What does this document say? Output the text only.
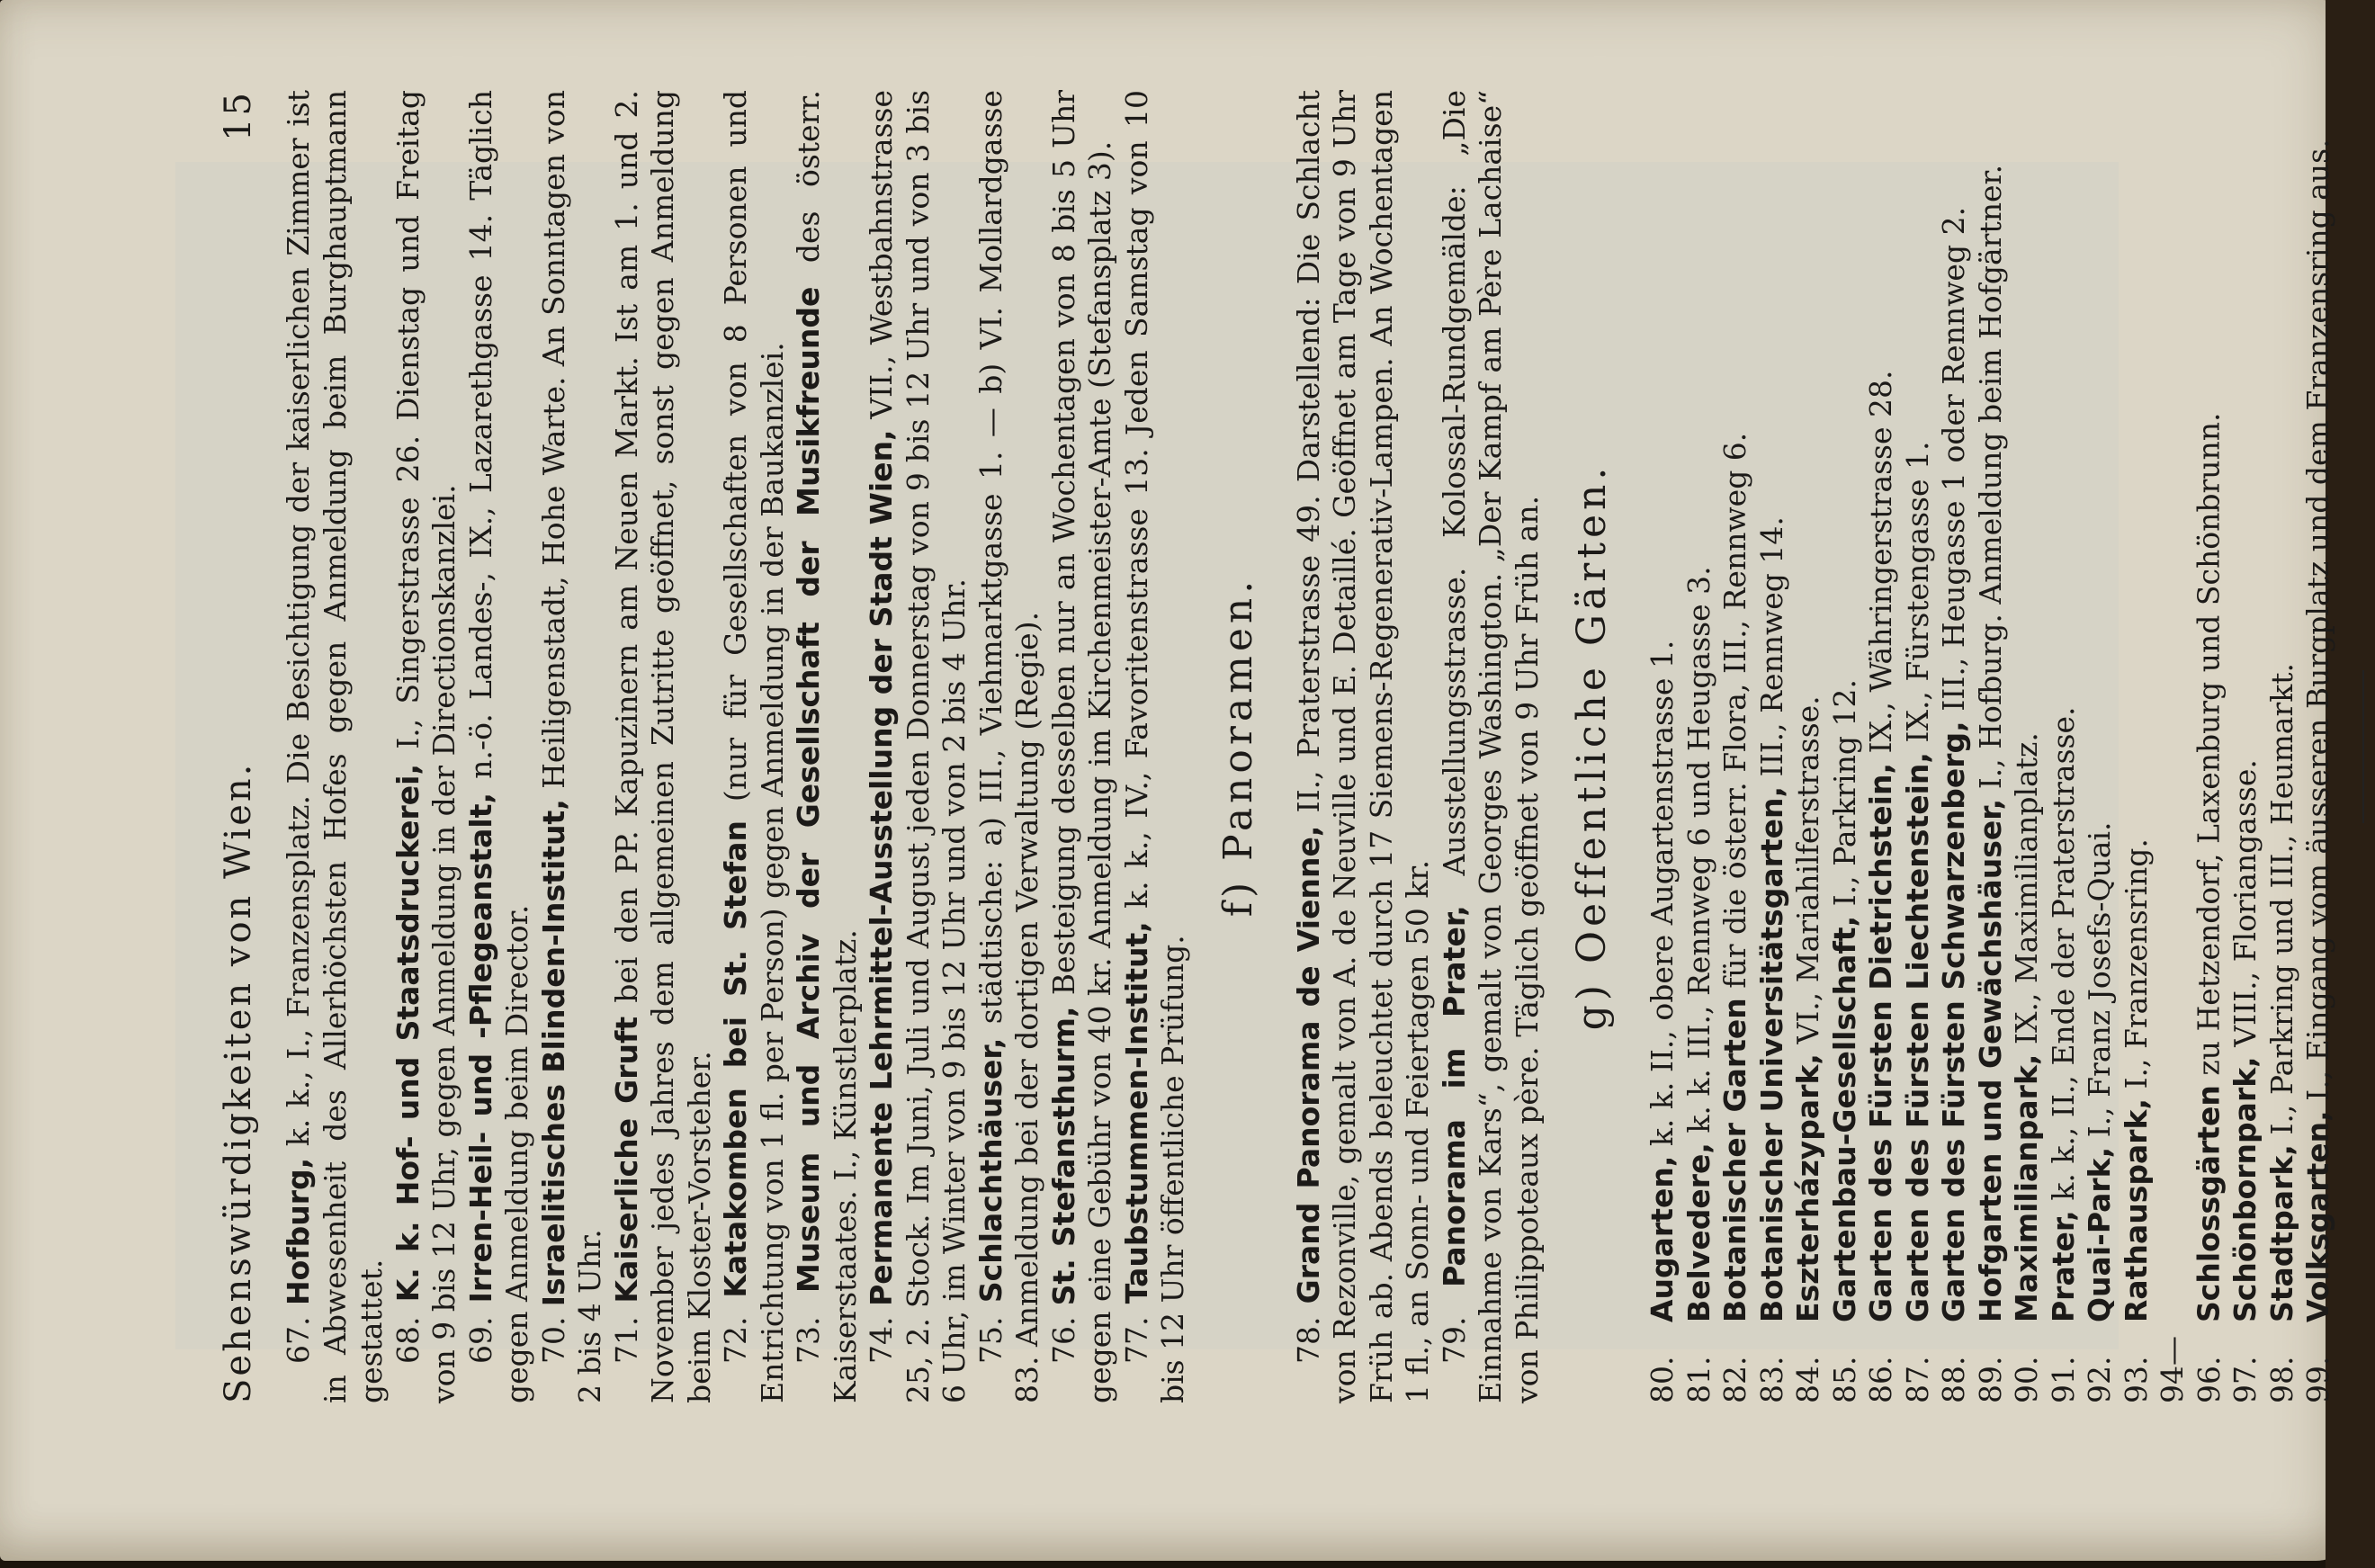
Sehenswürdigkeiten von Wien.
15

67. Hofburg, k. k., I., Franzensplatz. Die Besichtigung der kaiserlichen Zimmer ist in Abwesenheit des Allerhöchsten Hofes gegen Anmeldung beim Burghauptmann gestattet. 68. K. k. Hof- und Staatsdruckerei, I., Singerstrasse 26. Dienstag und Freitag von 9 bis 12 Uhr, gegen Anmeldung in der Directionskanzlei. 69. Irren-Heil- und -Pflegeanstalt, n.-ö. Landes-, IX., Lazarethgasse 14. Täglich gegen Anmeldung beim Director. 70. Israelitisches Blinden-Institut, Heiligenstadt, Hohe Warte. An Sonntagen von 2 bis 4 Uhr. 71. Kaiserliche Gruft bei den PP. Kapuzinern am Neuen Markt. Ist am 1. und 2. November jedes Jahres dem allgemeinen Zutritte geöffnet, sonst gegen Anmeldung beim Kloster-Vorsteher. 72. Katakomben bei St. Stefan (nur für Gesellschaften von 8 Personen und Entrichtung von 1 fl. per Person) gegen Anmeldung in der Baukanzlei. 73. Museum und Archiv der Gesellschaft der Musikfreunde des österr. Kaiserstaates. I., Künstlerplatz. 74. Permanente Lehrmittel-Ausstellung der Stadt Wien, VII., Westbahnstrasse 25, 2. Stock. Im Juni, Juli und August jeden Donnerstag von 9 bis 12 Uhr und von 3 bis 6 Uhr, im Winter von 9 bis 12 Uhr und von 2 bis 4 Uhr. 75. Schlachthäuser, städtische: a) III., Viehmarktgasse 1. — b) VI. Mollardgasse 83. Anmeldung bei der dortigen Verwaltung (Regie). 76. St. Stefansthurm, Besteigung desselben nur an Wochentagen von 8 bis 5 Uhr gegen eine Gebühr von 40 kr. Anmeldung im Kirchenmeister-Amte (Stefansplatz 3). 77. Taubstummen-Institut, k. k., IV., Favoritenstrasse 13. Jeden Samstag von 10 bis 12 Uhr öffentliche Prüfung.

f) Panoramen.

78. Grand Panorama de Vienne, II., Praterstrasse 49. Darstellend: Die Schlacht von Rezonville, gemalt von A. de Neuville und E. Detaillé. Geöffnet am Tage von 9 Uhr Früh ab. Abends beleuchtet durch 17 Siemens-Regenerativ-Lampen. An Wochentagen 1 fl., an Sonn- und Feiertagen 50 kr. 79. Panorama im Prater, Ausstellungsstrasse. Kolossal-Rundgemälde: „Die Einnahme von Kars“, gemalt von Georges Washington. „Der Kampf am Père Lachaise“ von Philippoteaux père. Täglich geöffnet von 9 Uhr Früh an. g) Oeffentliche Gärten.

80.Augarten, k. k. II., obere Augartenstrasse 1.

81.Belvedere, k. k. III., Rennweg 6 und Heugasse 3.

82.Botanischer Garten für die österr. Flora, III., Rennweg 6.

83.Botanischer Universitätsgarten, III., Rennweg 14.

84.Eszterházypark, VI., Mariahilferstrasse.

85.Gartenbau-Gesellschaft, I., Parkring 12.

86.Garten des Fürsten Dietrichstein, IX., Währingerstrasse 28.

87.Garten des Fürsten Liechtenstein, IX., Fürstengasse 1.

88.Garten des Fürsten Schwarzenberg, III., Heugasse 1 oder Rennweg 2.

89.Hofgarten und Gewächshäuser, I., Hofburg. Anmeldung beim Hofgärtner.

90.Maximilianpark, IX., Maximilianplatz.

91.Prater, k. k., II., Ende der Praterstrasse.

92.Quai-Park, I., Franz Josefs-Quai.

93.Rathauspark, I., Franzensring.

94—96.Schlossgärten zu Hetzendorf, Laxenburg und Schönbrunn.

97.Schönbornpark, VIII., Floriangasse.

98.Stadtpark, I., Parkring und III., Heumarkt.

99.Volksgarten, I., Eingang vom äusseren Burgplatz und dem Franzensring aus.
